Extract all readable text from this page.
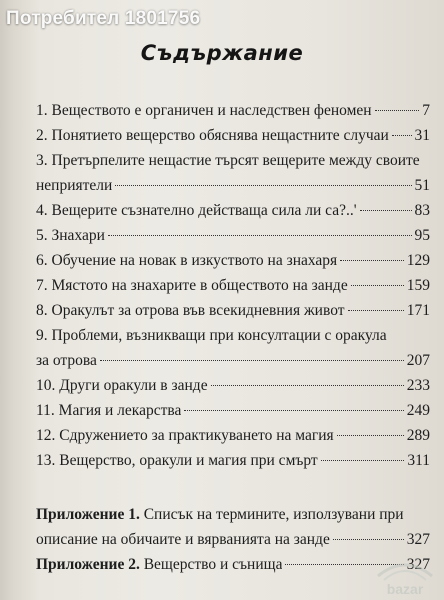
Потребител 1801756
Съдържание
1. Веществото е органичен и наследствен феномен	7
2. Понятието вещерство обяснява нещастните случаи 31
3. Претърпелите нещастие търсят вещерите между своите
неприятели	51
4. Вещерите съзнателно действаща сила ли са?..'	83
5. Знахари	95
6. Обучение на новак в изкуството на знахаря	129
7. Мястото на знахарите в обществото на занде	159
8. Оракулът за отрова във всекидневния живот	171
9. Проблеми, възникващи при консултации с оракула
за отрова	207
10. Други оракули в занде	233
11. Магия и лекарства	249
12. Сдружението за практикуването на магия	289
13. Вещерство, оракули и магия при смърт	311
Приложение 1. Списък на термините, използувани при
описание на обичаите и вярванията на занде	327
Приложение 2. Вещерство и сънища	327
bazar
